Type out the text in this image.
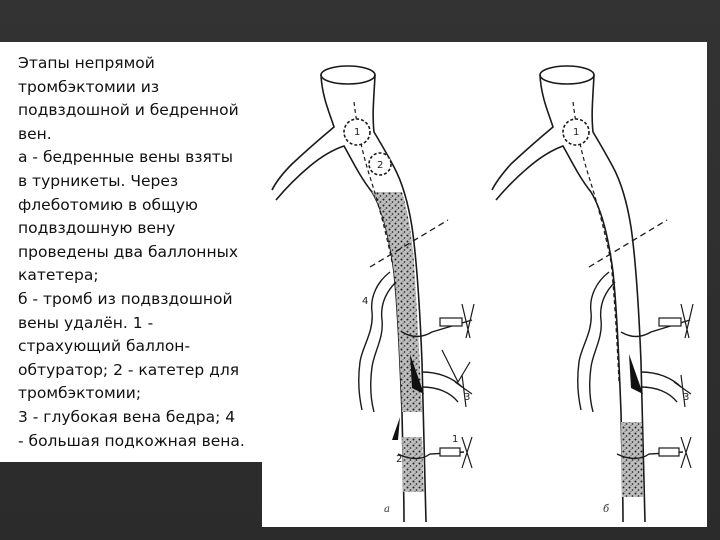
Этапы непрямой
тромбэктомии из
подвздошной и бедренной
вен.
а - бедренные вены взяты
в турникеты. Через
флеботомию в общую
подвздошную вену
проведены два баллонных
катетера;
б - тромб из подвздошной
вены удалён. 1 -
страхующий баллон-
обтуратор; 2 - катетер для
тромбэктомии;
3 - глубокая вена бедра; 4
- большая подкожная вена.
1
2
4
3
1
2
а
1
3
б
